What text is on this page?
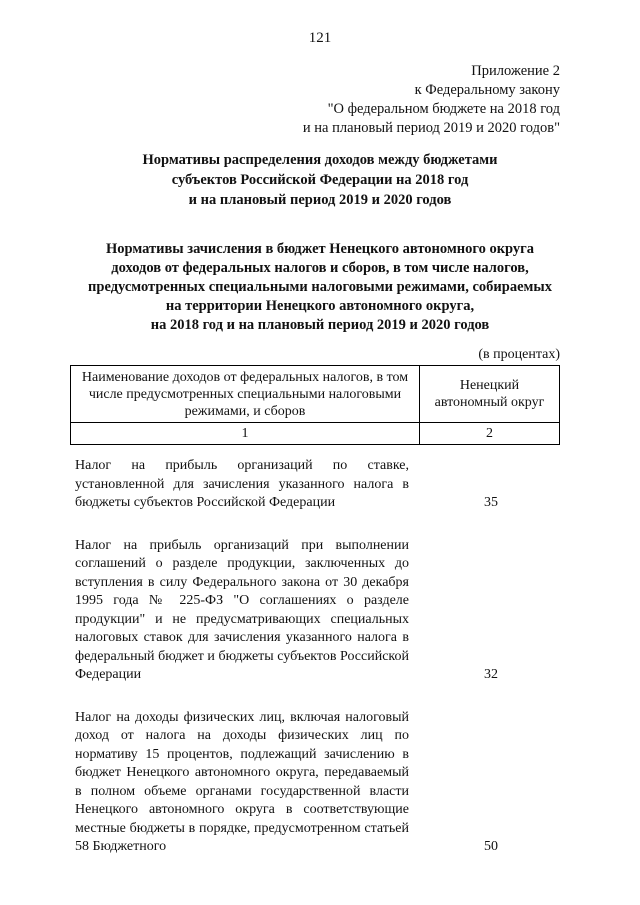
121
Приложение 2
к Федеральному закону
"О федеральном бюджете на 2018 год
и на плановый период 2019 и 2020 годов"
Нормативы распределения доходов между бюджетами
субъектов Российской Федерации на 2018 год
и на плановый период 2019 и 2020 годов
Нормативы зачисления в бюджет Ненецкого автономного округа
доходов от федеральных налогов и сборов, в том числе налогов,
предусмотренных специальными налоговыми режимами, собираемых
на территории Ненецкого автономного округа,
на 2018 год и на плановый период 2019 и 2020 годов
(в процентах)
Наименование доходов от федеральных налогов, в том числе предусмотренных специальными налоговыми режимами, и сборов	Ненецкий автономный округ
1	2
Налог на прибыль организаций по ставке, установленной для зачисления указанного налога в бюджеты субъектов Российской Федерации	35
Налог на прибыль организаций при выполнении соглашений о разделе продукции, заключенных до вступления в силу Федерального закона от 30 декабря 1995 года № 225-ФЗ "О соглашениях о разделе продукции" и не предусматривающих специальных налоговых ставок для зачисления указанного налога в федеральный бюджет и бюджеты субъектов Российской Федерации	32
Налог на доходы физических лиц, включая налоговый доход от налога на доходы физических лиц по нормативу 15 процентов, подлежащий зачислению в бюджет Ненецкого автономного округа, передаваемый в полном объеме органами государственной власти Ненецкого автономного округа в соответствующие местные бюджеты в порядке, предусмотренном статьей 58 Бюджетного	50
